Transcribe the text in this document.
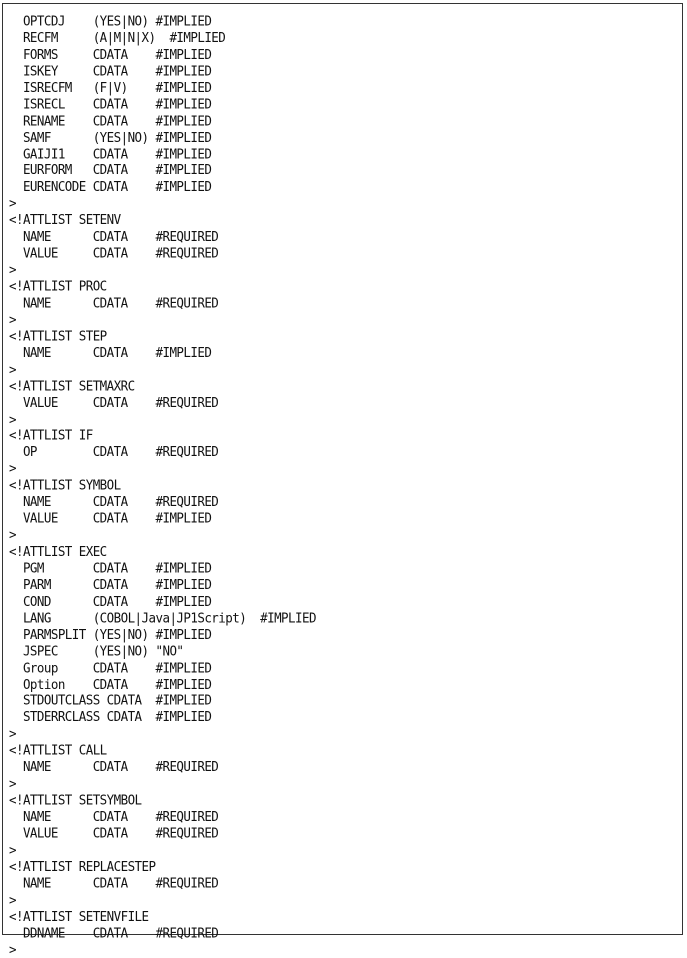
OPTCDJ    (YES|NO) #IMPLIED
RECFM     (A|M|N|X)  #IMPLIED
FORMS     CDATA    #IMPLIED
ISKEY     CDATA    #IMPLIED
ISRECFM   (F|V)    #IMPLIED
ISRECL    CDATA    #IMPLIED
RENAME    CDATA    #IMPLIED
SAMF      (YES|NO) #IMPLIED
GAIJI1    CDATA    #IMPLIED
EURFORM   CDATA    #IMPLIED
EURENCODE CDATA    #IMPLIED
>
<!ATTLIST SETENV
NAME      CDATA    #REQUIRED
VALUE     CDATA    #REQUIRED
>
<!ATTLIST PROC
NAME      CDATA    #REQUIRED
>
<!ATTLIST STEP
NAME      CDATA    #IMPLIED
>
<!ATTLIST SETMAXRC
VALUE     CDATA    #REQUIRED
>
<!ATTLIST IF
OP        CDATA    #REQUIRED
>
<!ATTLIST SYMBOL
NAME      CDATA    #REQUIRED
VALUE     CDATA    #IMPLIED
>
<!ATTLIST EXEC
PGM       CDATA    #IMPLIED
PARM      CDATA    #IMPLIED
COND      CDATA    #IMPLIED
LANG      (COBOL|Java|JP1Script)  #IMPLIED
PARMSPLIT (YES|NO) #IMPLIED
JSPEC     (YES|NO) "NO"
Group     CDATA    #IMPLIED
Option    CDATA    #IMPLIED
STDOUTCLASS CDATA  #IMPLIED
STDERRCLASS CDATA  #IMPLIED
>
<!ATTLIST CALL
NAME      CDATA    #REQUIRED
>
<!ATTLIST SETSYMBOL
NAME      CDATA    #REQUIRED
VALUE     CDATA    #REQUIRED
>
<!ATTLIST REPLACESTEP
NAME      CDATA    #REQUIRED
>
<!ATTLIST SETENVFILE
DDNAME    CDATA    #REQUIRED
>
